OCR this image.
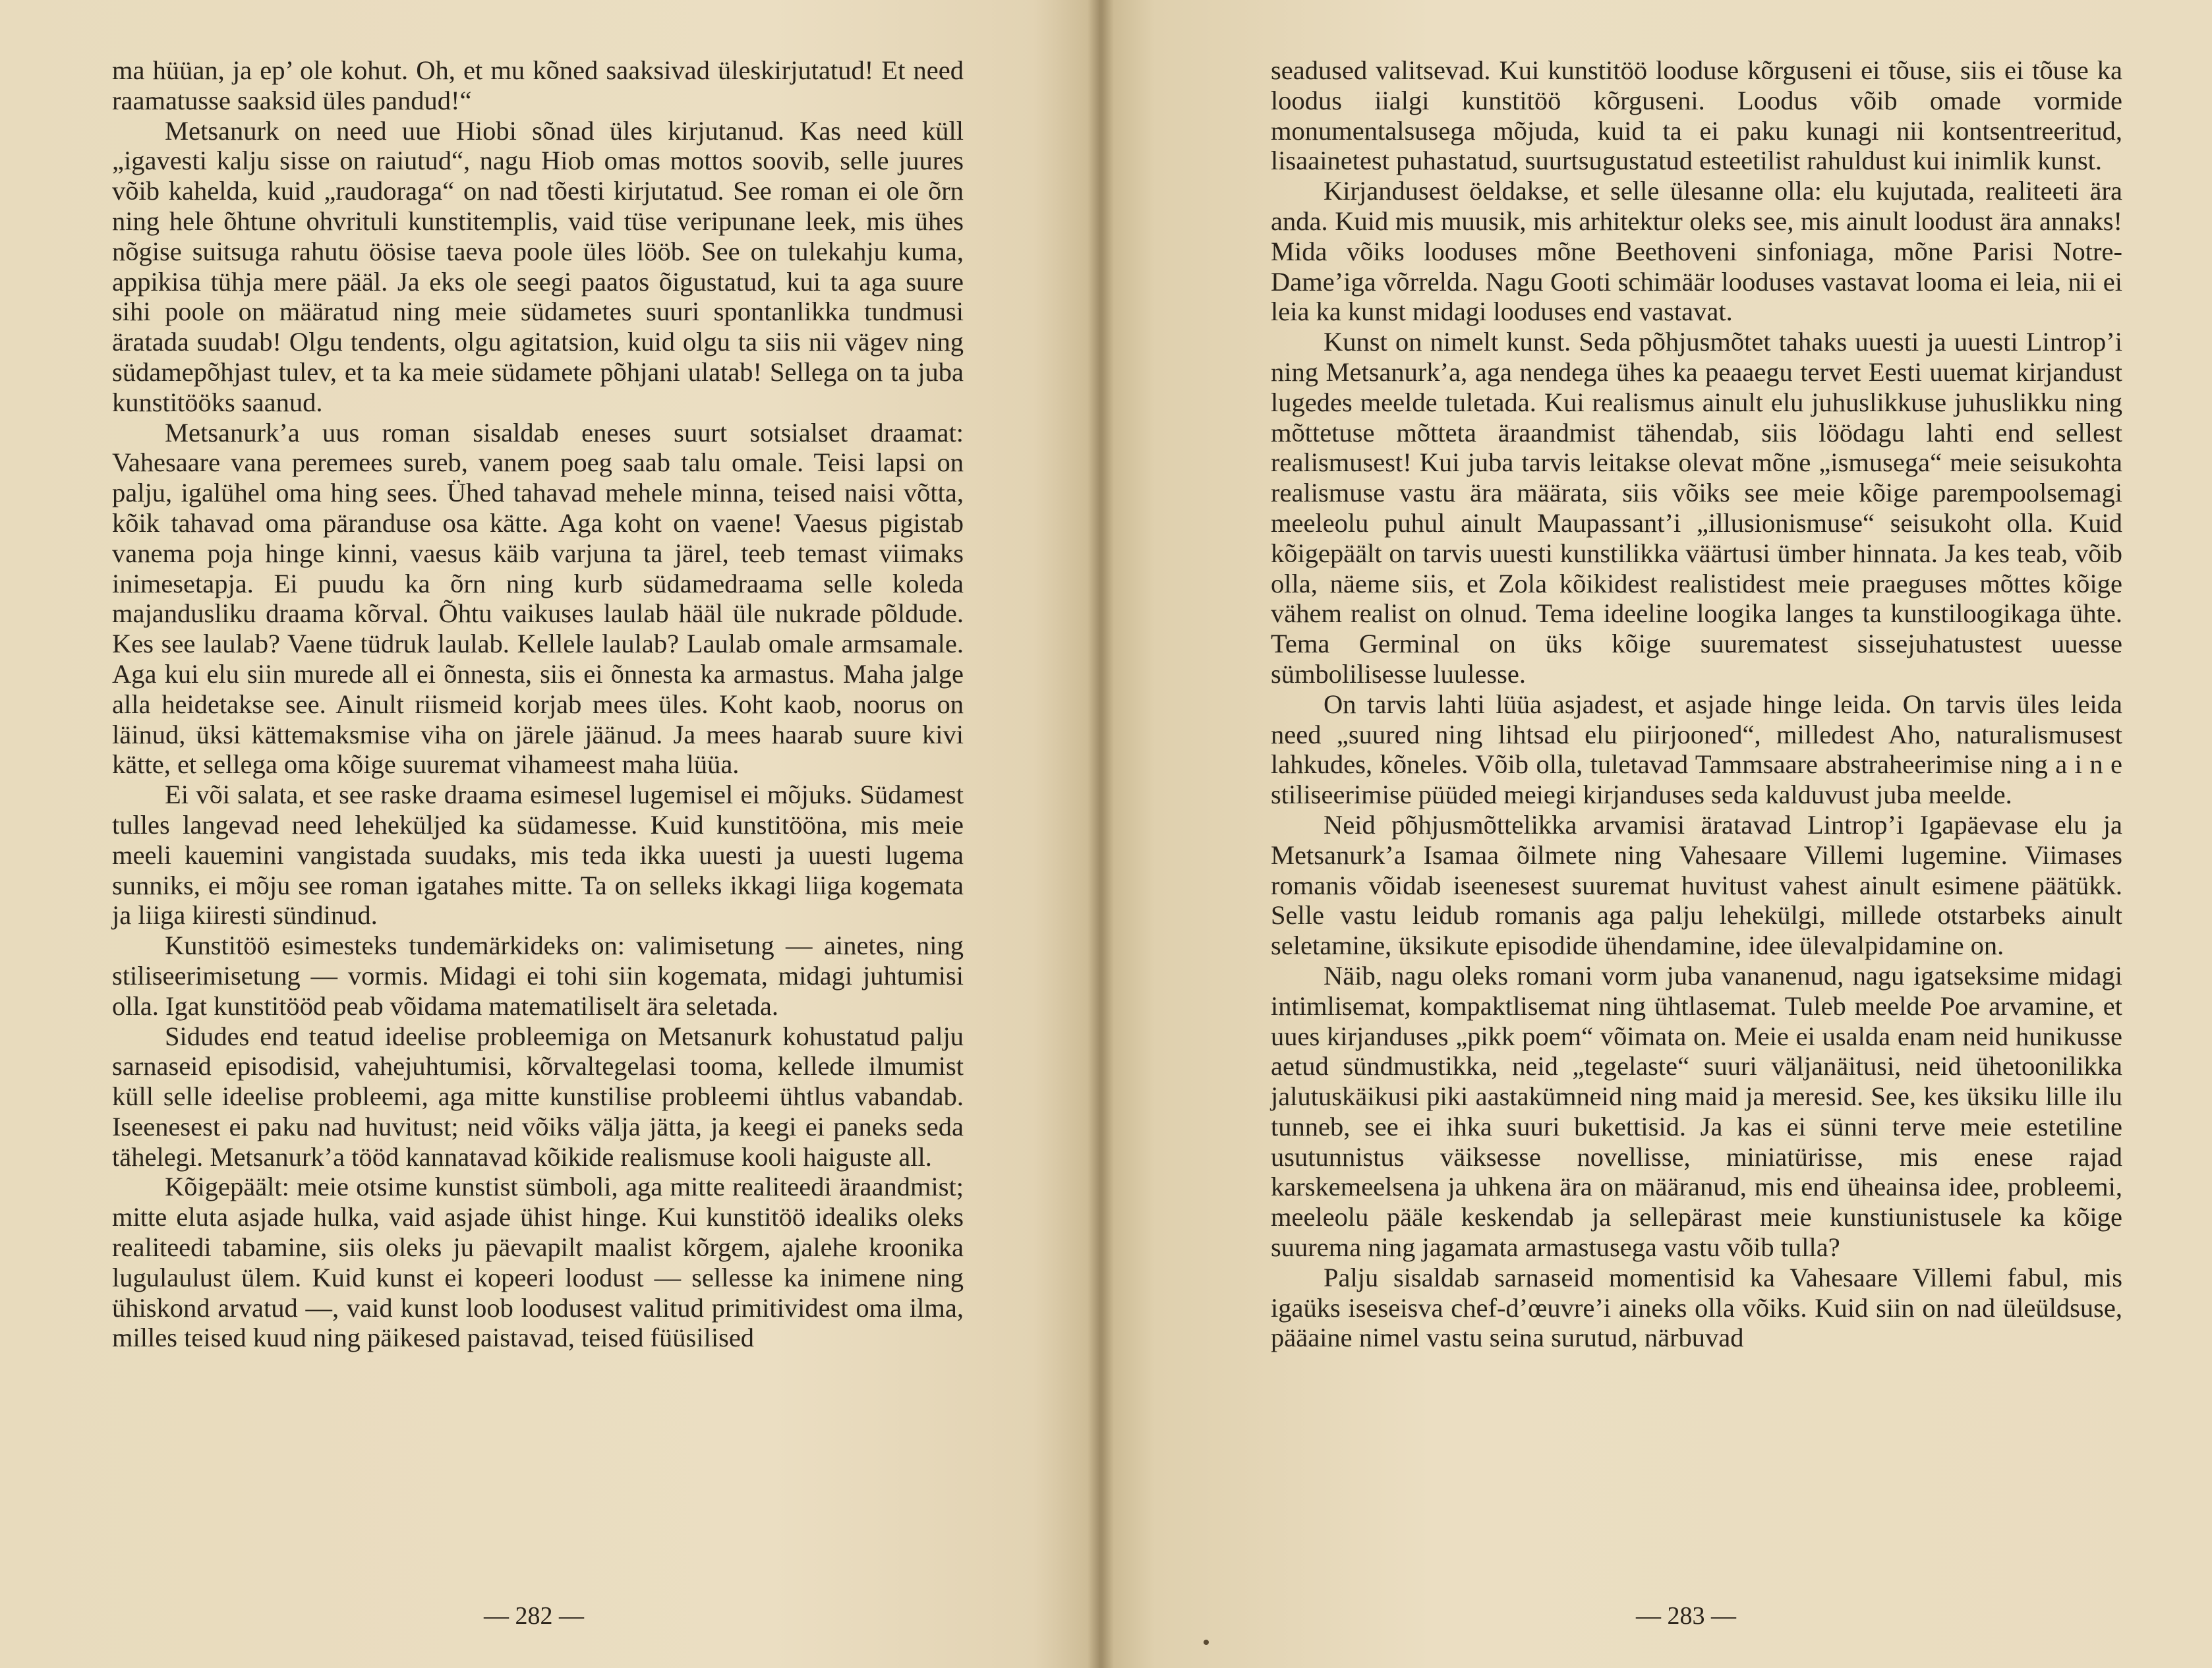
ma hüüan, ja ep’ ole kohut. Oh, et mu kõned saaksivad üleskirjutatud! Et need raamatusse saaksid üles pandud!“

Metsanurk on need uue Hiobi sõnad üles kirjutanud. Kas need küll „igavesti kalju sisse on raiutud“, nagu Hiob omas mottos soovib, selle juures võib kahelda, kuid „raudoraga“ on nad tõesti kirjutatud. See roman ei ole õrn ning hele õhtune ohvrituli kunstitemplis, vaid tüse veripunane leek, mis ühes nõgise suitsuga rahutu öösise taeva poole üles lööb. See on tulekahju kuma, appikisa tühja mere pääl. Ja eks ole seegi paatos õigustatud, kui ta aga suure sihi poole on määratud ning meie südametes suuri spontanlikka tundmusi äratada suudab! Olgu tendents, olgu agitatsion, kuid olgu ta siis nii vägev ning südamepõhjast tulev, et ta ka meie südamete põhjani ulatab! Sellega on ta juba kunstitööks saanud.

Metsanurk’a uus roman sisaldab eneses suurt sotsialset draamat: Vahesaare vana peremees sureb, vanem poeg saab talu omale. Teisi lapsi on palju, igalühel oma hing sees. Ühed tahavad mehele minna, teised naisi võtta, kõik tahavad oma päranduse osa kätte. Aga koht on vaene! Vaesus pigistab vanema poja hinge kinni, vaesus käib varjuna ta järel, teeb temast viimaks inimesetapja. Ei puudu ka õrn ning kurb südamedraama selle koleda majandusliku draama kõrval. Õhtu vaikuses laulab hääl üle nukrade põldude. Kes see laulab? Vaene tüdruk laulab. Kellele laulab? Laulab omale armsamale. Aga kui elu siin murede all ei õnnesta, siis ei õnnesta ka armastus. Maha jalge alla heidetakse see. Ainult riismeid korjab mees üles. Koht kaob, noorus on läinud, üksi kättemaksmise viha on järele jäänud. Ja mees haarab suure kivi kätte, et sellega oma kõige suuremat vihameest maha lüüa.

Ei või salata, et see raske draama esimesel lugemisel ei mõjuks. Südamest tulles langevad need leheküljed ka südamesse. Kuid kunstitööna, mis meie meeli kauemini vangistada suudaks, mis teda ikka uuesti ja uuesti lugema sunniks, ei mõju see roman igatahes mitte. Ta on selleks ikkagi liiga kogemata ja liiga kiiresti sündinud.

Kunstitöö esimesteks tundemärkideks on: valimisetung — ainetes, ning stiliseerimisetung — vormis. Midagi ei tohi siin kogemata, midagi juhtumisi olla. Igat kunstitööd peab võidama matematiliselt ära seletada.

Sidudes end teatud ideelise probleemiga on Metsanurk kohustatud palju sarnaseid episodisid, vahejuhtumisi, kõrvaltegelasi tooma, kellede ilmumist küll selle ideelise probleemi, aga mitte kunstilise probleemi ühtlus vabandab. Iseenesest ei paku nad huvitust; neid võiks välja jätta, ja keegi ei paneks seda tähelegi. Metsanurk’a tööd kannatavad kõikide realismuse kooli haiguste all.

Kõigepäält: meie otsime kunstist sümboli, aga mitte realiteedi äraandmist; mitte eluta asjade hulka, vaid asjade ühist hinge. Kui kunstitöö idealiks oleks realiteedi tabamine, siis oleks ju päevapilt maalist kõrgem, ajalehe kroonika lugulaulust ülem. Kuid kunst ei kopeeri loodust — sellesse ka inimene ning ühiskond arvatud —, vaid kunst loob loodusest valitud primitividest oma ilma, milles teised kuud ning päikesed paistavad, teised füüsilised

seadused valitsevad. Kui kunstitöö looduse kõrguseni ei tõuse, siis ei tõuse ka loodus iialgi kunstitöö kõrguseni. Loodus võib omade vormide monumentalsusega mõjuda, kuid ta ei paku kunagi nii kontsentreeritud, lisaainetest puhastatud, suurtsugustatud esteetilist rahuldust kui inimlik kunst.

Kirjandusest öeldakse, et selle ülesanne olla: elu kujutada, realiteeti ära anda. Kuid mis muusik, mis arhitektur oleks see, mis ainult loodust ära annaks! Mida võiks looduses mõne Beethoveni sinfoniaga, mõne Parisi Notre-Dame’iga võrrelda. Nagu Gooti schimäär looduses vastavat looma ei leia, nii ei leia ka kunst midagi looduses end vastavat.

Kunst on nimelt kunst. Seda põhjusmõtet tahaks uuesti ja uuesti Lintrop’i ning Metsanurk’a, aga nendega ühes ka peaaegu tervet Eesti uuemat kirjandust lugedes meelde tuletada. Kui realismus ainult elu juhuslikkuse juhuslikku ning mõttetuse mõtteta äraandmist tähendab, siis löödagu lahti end sellest realismusest! Kui juba tarvis leitakse olevat mõne „ismusega“ meie seisukohta realismuse vastu ära määrata, siis võiks see meie kõige parempoolsemagi meeleolu puhul ainult Maupassant’i „illusionismuse“ seisukoht olla. Kuid kõigepäält on tarvis uuesti kunstilikka väärtusi ümber hinnata. Ja kes teab, võib olla, näeme siis, et Zola kõikidest realistidest meie praeguses mõttes kõige vähem realist on olnud. Tema ideeline loogika langes ta kunstiloogikaga ühte. Tema Germinal on üks kõige suurematest sissejuhatustest uuesse sümbolilisesse luulesse.

On tarvis lahti lüüa asjadest, et asjade hinge leida. On tarvis üles leida need „suured ning lihtsad elu piirjooned“, milledest Aho, naturalismusest lahkudes, kõneles. Võib olla, tuletavad Tammsaare abstraheerimise ning a i n e stiliseerimise püüded meiegi kirjanduses seda kalduvust juba meelde.

Neid põhjusmõttelikka arvamisi äratavad Lintrop’i Igapäevase elu ja Metsanurk’a Isamaa õilmete ning Vahesaare Villemi lugemine. Viimases romanis võidab iseenesest suuremat huvitust vahest ainult esimene päätükk. Selle vastu leidub romanis aga palju lehekülgi, millede otstarbeks ainult seletamine, üksikute episodide ühendamine, idee ülevalpidamine on.

Näib, nagu oleks romani vorm juba vananenud, nagu igatseksime midagi intimlisemat, kompaktlisemat ning ühtlasemat. Tuleb meelde Poe arvamine, et uues kirjanduses „pikk poem“ võimata on. Meie ei usalda enam neid hunikusse aetud sündmustikka, neid „tegelaste“ suuri väljanäitusi, neid ühetoonilikka jalutuskäikusi piki aastakümneid ning maid ja meresid. See, kes üksiku lille ilu tunneb, see ei ihka suuri bukettisid. Ja kas ei sünni terve meie estetiline usutunnistus väiksesse novellisse, miniatürisse, mis enese rajad karskemeelsena ja uhkena ära on määranud, mis end üheainsa idee, probleemi, meeleolu pääle keskendab ja sellepärast meie kunstiunistusele ka kõige suurema ning jagamata armastusega vastu võib tulla?

Palju sisaldab sarnaseid momentisid ka Vahesaare Villemi fabul, mis igaüks iseseisva chef-d’œuvre’i aineks olla võiks. Kuid siin on nad üleüldsuse, pääaine nimel vastu seina surutud, närbuvad

— 282 —	— 283 —
